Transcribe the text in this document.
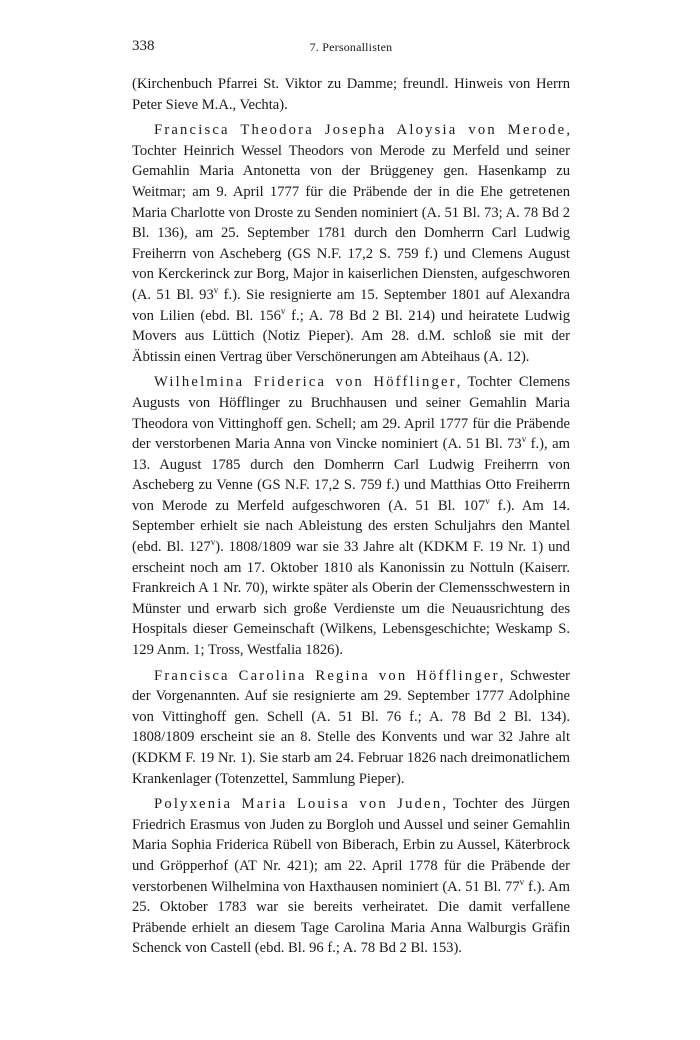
338	7. Personallisten

(Kirchenbuch Pfarrei St. Viktor zu Damme; freundl. Hinweis von Herrn Peter Sieve M.A., Vechta).

Francisca Theodora Josepha Aloysia von Merode, Tochter Heinrich Wessel Theodors von Merode zu Merfeld und seiner Gemahlin Maria Antonetta von der Brüggeney gen. Hasenkamp zu Weitmar; am 9. April 1777 für die Präbende der in die Ehe getretenen Maria Charlotte von Droste zu Senden nominiert (A. 51 Bl. 73; A. 78 Bd 2 Bl. 136), am 25. September 1781 durch den Domherrn Carl Ludwig Freiherrn von Ascheberg (GS N.F. 17,2 S. 759 f.) und Clemens August von Kerckerinck zur Borg, Major in kaiserlichen Diensten, aufgeschworen (A. 51 Bl. 93$^v$ f.). Sie resignierte am 15. September 1801 auf Alexandra von Lilien (ebd. Bl. 156$^v$ f.; A. 78 Bd 2 Bl. 214) und heiratete Ludwig Movers aus Lüttich (Notiz Pieper). Am 28. d.M. schloß sie mit der Äbtissin einen Vertrag über Verschönerungen am Abteihaus (A. 12).

Wilhelmina Friderica von Höfflinger, Tochter Clemens Augusts von Höfflinger zu Bruchhausen und seiner Gemahlin Maria Theodora von Vittinghoff gen. Schell; am 29. April 1777 für die Präbende der verstorbenen Maria Anna von Vincke nominiert (A. 51 Bl. 73$^v$ f.), am 13. August 1785 durch den Domherrn Carl Ludwig Freiherrn von Ascheberg zu Venne (GS N.F. 17,2 S. 759 f.) und Matthias Otto Freiherrn von Merode zu Merfeld aufgeschworen (A. 51 Bl. 107$^v$ f.). Am 14. September erhielt sie nach Ableistung des ersten Schuljahrs den Mantel (ebd. Bl. 127$^v$). 1808/1809 war sie 33 Jahre alt (KDKM F. 19 Nr. 1) und erscheint noch am 17. Oktober 1810 als Kanonissin zu Nottuln (Kaiserr. Frankreich A 1 Nr. 70), wirkte später als Oberin der Clemensschwestern in Münster und erwarb sich große Verdienste um die Neuausrichtung des Hospitals dieser Gemeinschaft (Wilkens, Lebensgeschichte; Weskamp S. 129 Anm. 1; Tross, Westfalia 1826).

Francisca Carolina Regina von Höfflinger, Schwester der Vorgenannten. Auf sie resignierte am 29. September 1777 Adolphine von Vittinghoff gen. Schell (A. 51 Bl. 76 f.; A. 78 Bd 2 Bl. 134). 1808/1809 erscheint sie an 8. Stelle des Konvents und war 32 Jahre alt (KDKM F. 19 Nr. 1). Sie starb am 24. Februar 1826 nach dreimonatlichem Krankenlager (Totenzettel, Sammlung Pieper).

Polyxenia Maria Louisa von Juden, Tochter des Jürgen Friedrich Erasmus von Juden zu Borgloh und Aussel und seiner Gemahlin Maria Sophia Friderica Rübell von Biberach, Erbin zu Aussel, Käterbrock und Gröpperhof (AT Nr. 421); am 22. April 1778 für die Präbende der verstorbenen Wilhelmina von Haxthausen nominiert (A. 51 Bl. 77$^v$ f.). Am 25. Oktober 1783 war sie bereits verheiratet. Die damit verfallene Präbende erhielt an diesem Tage Carolina Maria Anna Walburgis Gräfin Schenck von Castell (ebd. Bl. 96 f.; A. 78 Bd 2 Bl. 153).
